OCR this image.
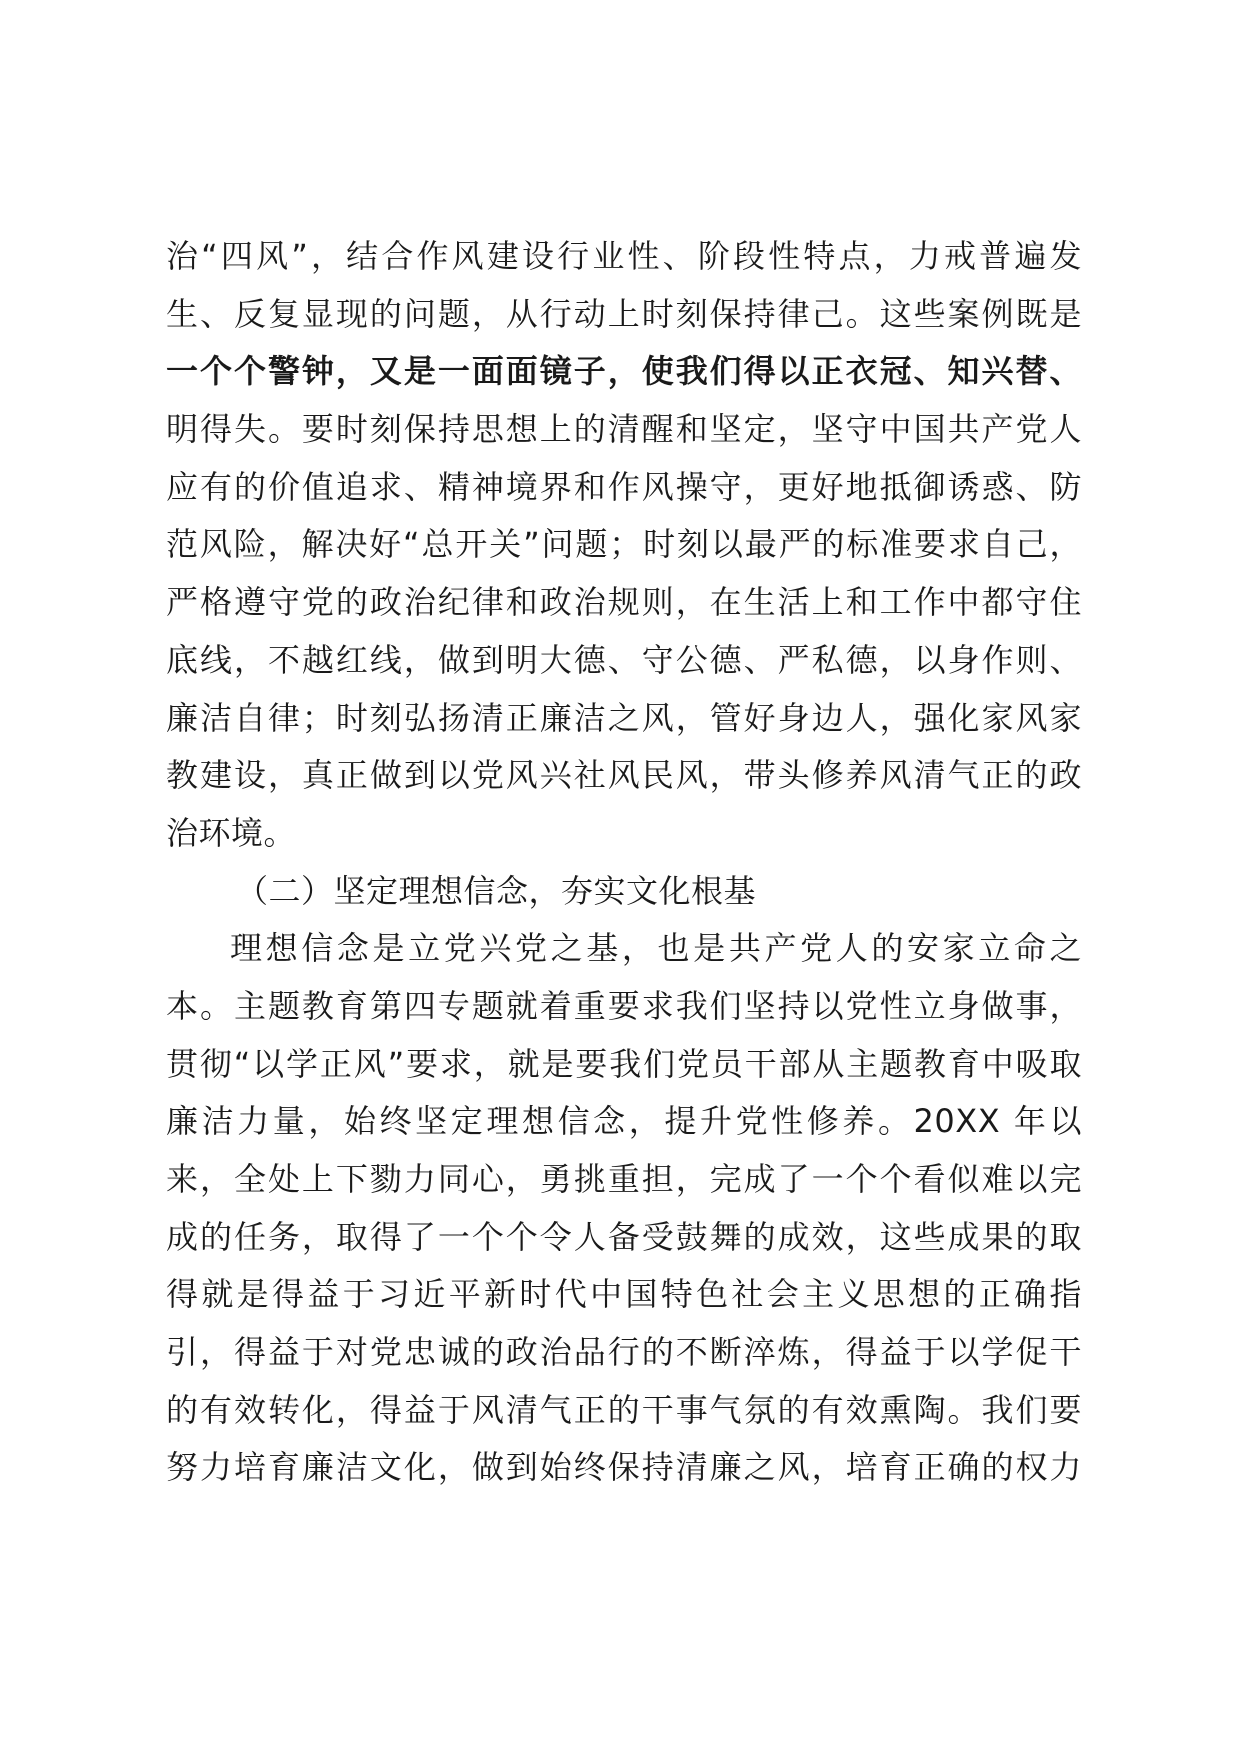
治“四风”，结合作风建设行业性、阶段性特点，力戒普遍发
生、反复显现的问题，从行动上时刻保持律己。这些案例既是
一个个警钟，又是一面面镜子，使我们得以正衣冠、知兴替、
明得失。要时刻保持思想上的清醒和坚定，坚守中国共产党人
应有的价值追求、精神境界和作风操守，更好地抵御诱惑、防
范风险，解决好“总开关”问题；时刻以最严的标准要求自己，
严格遵守党的政治纪律和政治规则，在生活上和工作中都守住
底线，不越红线，做到明大德、守公德、严私德，以身作则、
廉洁自律；时刻弘扬清正廉洁之风，管好身边人，强化家风家
教建设，真正做到以党风兴社风民风，带头修养风清气正的政
治环境。
（二）坚定理想信念，夯实文化根基
理想信念是立党兴党之基，也是共产党人的安家立命之
本。主题教育第四专题就着重要求我们坚持以党性立身做事，
贯彻“以学正风”要求，就是要我们党员干部从主题教育中吸取
廉洁力量，始终坚定理想信念，提升党性修养。20XX 年以
来，全处上下勠力同心，勇挑重担，完成了一个个看似难以完
成的任务，取得了一个个令人备受鼓舞的成效，这些成果的取
得就是得益于习近平新时代中国特色社会主义思想的正确指
引，得益于对党忠诚的政治品行的不断淬炼，得益于以学促干
的有效转化，得益于风清气正的干事气氛的有效熏陶。我们要
努力培育廉洁文化，做到始终保持清廉之风，培育正确的权力
